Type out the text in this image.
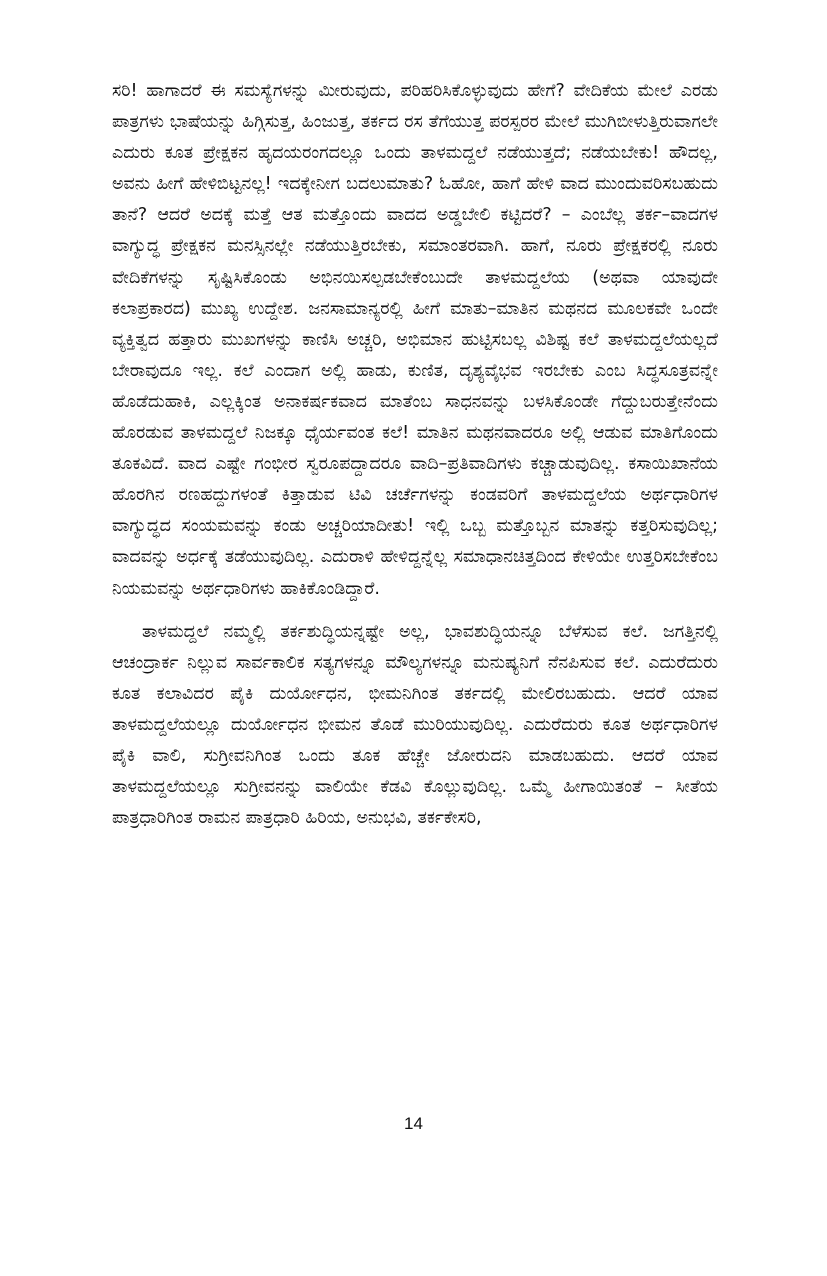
ಸರಿ! ಹಾಗಾದರೆ ಈ ಸಮಸ್ಯೆಗಳನ್ನು ಮೀರುವುದು, ಪರಿಹರಿಸಿಕೊಳ್ಳುವುದು ಹೇಗೆ? ವೇದಿಕೆಯ ಮೇಲೆ ಎರಡು ಪಾತ್ರಗಳು ಭಾಷೆಯನ್ನು ಹಿಗ್ಗಿಸುತ್ತ, ಹಿಂಜುತ್ತ, ತರ್ಕದ ರಸ ತೆಗೆಯುತ್ತ ಪರಸ್ಪರರ ಮೇಲೆ ಮುಗಿಬೀಳುತ್ತಿರುವಾಗಲೇ ಎದುರು ಕೂತ ಪ್ರೇಕ್ಷಕನ ಹೃದಯರಂಗದಲ್ಲೂ ಒಂದು ತಾಳಮದ್ದಲೆ ನಡೆಯುತ್ತದೆ; ನಡೆಯಬೇಕು! ಹೌದಲ್ಲ, ಅವನು ಹೀಗೆ ಹೇಳಿಬಿಟ್ಟನಲ್ಲ! ಇದಕ್ಕೇನೀಗ ಬದಲುಮಾತು? ಓಹೋ, ಹಾಗೆ ಹೇಳಿ ವಾದ ಮುಂದುವರಿಸಬಹುದು ತಾನೆ? ಆದರೆ ಅದಕ್ಕೆ ಮತ್ತೆ ಆತ ಮತ್ತೊಂದು ವಾದದ ಅಡ್ಡಬೇಲಿ ಕಟ್ಟಿದರೆ? – ಎಂಬೆಲ್ಲ ತರ್ಕ–ವಾದಗಳ ವಾಗ್ಯುದ್ಧ ಪ್ರೇಕ್ಷಕನ ಮನಸ್ಸಿನಲ್ಲೇ ನಡೆಯುತ್ತಿರಬೇಕು, ಸಮಾಂತರವಾಗಿ. ಹಾಗೆ, ನೂರು ಪ್ರೇಕ್ಷಕರಲ್ಲಿ ನೂರು ವೇದಿಕೆಗಳನ್ನು ಸೃಷ್ಟಿಸಿಕೊಂಡು ಅಭಿನಯಿಸಲ್ಪಡಬೇಕೆಂಬುದೇ ತಾಳಮದ್ದಲೆಯ (ಅಥವಾ ಯಾವುದೇ ಕಲಾಪ್ರಕಾರದ) ಮುಖ್ಯ ಉದ್ದೇಶ. ಜನಸಾಮಾನ್ಯರಲ್ಲಿ ಹೀಗೆ ಮಾತು–ಮಾತಿನ ಮಥನದ ಮೂಲಕವೇ ಒಂದೇ ವ್ಯಕ್ತಿತ್ವದ ಹತ್ತಾರು ಮುಖಗಳನ್ನು ಕಾಣಿಸಿ ಅಚ್ಚರಿ, ಅಭಿಮಾನ ಹುಟ್ಟಿಸಬಲ್ಲ ವಿಶಿಷ್ಟ ಕಲೆ ತಾಳಮದ್ದಲೆಯಲ್ಲದೆ ಬೇರಾವುದೂ ಇಲ್ಲ. ಕಲೆ ಎಂದಾಗ ಅಲ್ಲಿ ಹಾಡು, ಕುಣಿತ, ದೃಶ್ಯವೈಭವ ಇರಬೇಕು ಎಂಬ ಸಿದ್ಧಸೂತ್ರವನ್ನೇ ಹೊಡೆದುಹಾಕಿ, ಎಲ್ಲಕ್ಕಿಂತ ಅನಾಕರ್ಷಕವಾದ ಮಾತೆಂಬ ಸಾಧನವನ್ನು ಬಳಸಿಕೊಂಡೇ ಗೆದ್ದುಬರುತ್ತೇನೆಂದು ಹೊರಡುವ ತಾಳಮದ್ದಲೆ ನಿಜಕ್ಕೂ ಧೈರ್ಯವಂತ ಕಲೆ! ಮಾತಿನ ಮಥನವಾದರೂ ಅಲ್ಲಿ ಆಡುವ ಮಾತಿಗೊಂದು ತೂಕವಿದೆ. ವಾದ ಎಷ್ಟೇ ಗಂಭೀರ ಸ್ವರೂಪದ್ದಾದರೂ ವಾದಿ–ಪ್ರತಿವಾದಿಗಳು ಕಚ್ಚಾಡುವುದಿಲ್ಲ. ಕಸಾಯಿಖಾನೆಯ ಹೊರಗಿನ ರಣಹದ್ದುಗಳಂತೆ ಕಿತ್ತಾಡುವ ಟಿವಿ ಚರ್ಚೆಗಳನ್ನು ಕಂಡವರಿಗೆ ತಾಳಮದ್ದಲೆಯ ಅರ್ಥಧಾರಿಗಳ ವಾಗ್ಯುದ್ಧದ ಸಂಯಮವನ್ನು ಕಂಡು ಅಚ್ಚರಿಯಾದೀತು! ಇಲ್ಲಿ ಒಬ್ಬ ಮತ್ತೊಬ್ಬನ ಮಾತನ್ನು ಕತ್ತರಿಸುವುದಿಲ್ಲ; ವಾದವನ್ನು ಅರ್ಧಕ್ಕೆ ತಡೆಯುವುದಿಲ್ಲ. ಎದುರಾಳಿ ಹೇಳಿದ್ದನ್ನೆಲ್ಲ ಸಮಾಧಾನಚಿತ್ತದಿಂದ ಕೇಳಿಯೇ ಉತ್ತರಿಸಬೇಕೆಂಬ ನಿಯಮವನ್ನು ಅರ್ಥಧಾರಿಗಳು ಹಾಕಿಕೊಂಡಿದ್ದಾರೆ.

ತಾಳಮದ್ದಲೆ ನಮ್ಮಲ್ಲಿ ತರ್ಕಶುದ್ಧಿಯನ್ನಷ್ಟೇ ಅಲ್ಲ, ಭಾವಶುದ್ಧಿಯನ್ನೂ ಬೆಳೆಸುವ ಕಲೆ. ಜಗತ್ತಿನಲ್ಲಿ ಆಚಂದ್ರಾರ್ಕ ನಿಲ್ಲುವ ಸಾರ್ವಕಾಲಿಕ ಸತ್ಯಗಳನ್ನೂ ಮೌಲ್ಯಗಳನ್ನೂ ಮನುಷ್ಯನಿಗೆ ನೆನಪಿಸುವ ಕಲೆ. ಎದುರೆದುರು ಕೂತ ಕಲಾವಿದರ ಪೈಕಿ ದುರ್ಯೋಧನ, ಭೀಮನಿಗಿಂತ ತರ್ಕದಲ್ಲಿ ಮೇಲಿರಬಹುದು. ಆದರೆ ಯಾವ ತಾಳಮದ್ದಲೆಯಲ್ಲೂ ದುರ್ಯೋಧನ ಭೀಮನ ತೊಡೆ ಮುರಿಯುವುದಿಲ್ಲ. ಎದುರೆದುರು ಕೂತ ಅರ್ಥಧಾರಿಗಳ ಪೈಕಿ ವಾಲಿ, ಸುಗ್ರೀವನಿಗಿಂತ ಒಂದು ತೂಕ ಹೆಚ್ಚೇ ಜೋರುದನಿ ಮಾಡಬಹುದು. ಆದರೆ ಯಾವ ತಾಳಮದ್ದಲೆಯಲ್ಲೂ ಸುಗ್ರೀವನನ್ನು ವಾಲಿಯೇ ಕೆಡವಿ ಕೊಲ್ಲುವುದಿಲ್ಲ. ಒಮ್ಮೆ ಹೀಗಾಯಿತಂತೆ – ಸೀತೆಯ ಪಾತ್ರಧಾರಿಗಿಂತ ರಾಮನ ಪಾತ್ರಧಾರಿ ಹಿರಿಯ, ಅನುಭವಿ, ತರ್ಕಕೇಸರಿ,

14
